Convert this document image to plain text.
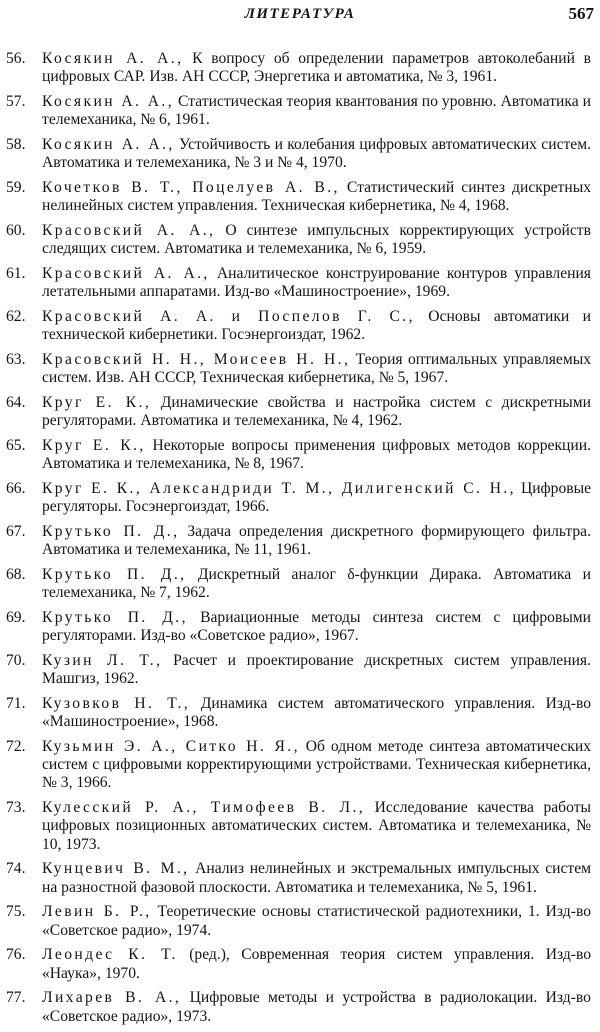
ЛИТЕРАТУРА	567
56.	Косякин А. А., К вопросу об определении параметров автоколебаний в цифровых САР. Изв. АН СССР, Энергетика и автоматика, № 3, 1961.
57.	Косякин А. А., Статистическая теория квантования по уровню. Автоматика и телемеханика, № 6, 1961.
58.	Косякин А. А., Устойчивость и колебания цифровых автоматических систем. Автоматика и телемеханика, № 3 и № 4, 1970.
59.	Кочетков В. Т., Поцелуев А. В., Статистический синтез дискретных нелинейных систем управления. Техническая кибернетика, № 4, 1968.
60.	Красовский А. А., О синтезе импульсных корректирующих устройств следящих систем. Автоматика и телемеханика, № 6, 1959.
61.	Красовский А. А., Аналитическое конструирование контуров управления летательными аппаратами. Изд-во «Машиностроение», 1969.
62.	Красовский А. А. и Поспелов Г. С., Основы автоматики и технической кибернетики. Госэнергоиздат, 1962.
63.	Красовский Н. Н., Моисеев Н. Н., Теория оптимальных управляемых систем. Изв. АН СССР, Техническая кибернетика, № 5, 1967.
64.	Круг Е. К., Динамические свойства и настройка систем с дискретными регуляторами. Автоматика и телемеханика, № 4, 1962.
65.	Круг Е. К., Некоторые вопросы применения цифровых методов коррекции. Автоматика и телемеханика, № 8, 1967.
66.	Круг Е. К., Александриди Т. М., Дилигенский С. Н., Цифровые регуляторы. Госэнергоиздат, 1966.
67.	Крутько П. Д., Задача определения дискретного формирующего фильтра. Автоматика и телемеханика, № 11, 1961.
68.	Крутько П. Д., Дискретный аналог δ-функции Дирака. Автоматика и телемеханика, № 7, 1962.
69.	Крутько П. Д., Вариационные методы синтеза систем с цифровыми регуляторами. Изд-во «Советское радио», 1967.
70.	Кузин Л. Т., Расчет и проектирование дискретных систем управления. Машгиз, 1962.
71.	Кузовков Н. Т., Динамика систем автоматического управления. Изд-во «Машиностроение», 1968.
72.	Кузьмин Э. А., Ситко Н. Я., Об одном методе синтеза автоматических систем с цифровыми корректирующими устройствами. Техническая кибернетика, № 3, 1966.
73.	Кулесский Р. А., Тимофеев В. Л., Исследование качества работы цифровых позиционных автоматических систем. Автоматика и телемеханика, № 10, 1973.
74.	Кунцевич В. М., Анализ нелинейных и экстремальных импульсных систем на разностной фазовой плоскости. Автоматика и телемеханика, № 5, 1961.
75.	Левин Б. Р., Теоретические основы статистической радиотехники, 1. Изд-во «Советское радио», 1974.
76.	Леондес К. Т. (ред.), Современная теория систем управления. Изд-во «Наука», 1970.
77.	Лихарев В. А., Цифровые методы и устройства в радиолокации. Изд-во «Советское радио», 1973.
